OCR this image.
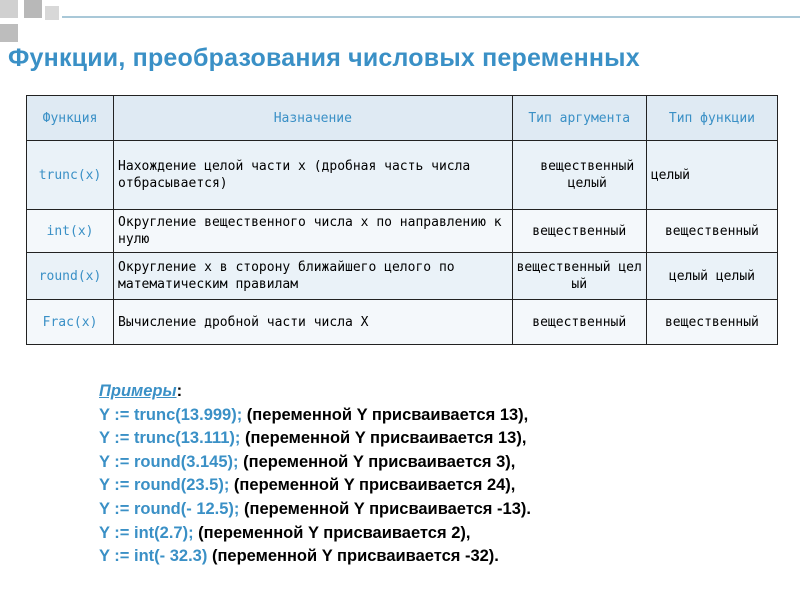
Функции, преобразования числовых переменных
Функция	Назначение	Тип аргумента	Тип функции
trunc(x)	Нахождение целой части х (дробная часть числа отбрасывается)	вещественный целый	целый
int(x)	Округление вещественного числа х по направлению к нулю	вещественный	вещественный
round(x)	Округление х в сторону ближайшего целого по математическим правилам	вещественный целый	целый целый
Frac(x)	Вычисление дробной части числа Х	вещественный	вещественный
Примеры:
Y := trunc(13.999); (переменной Y присваивается 13),
Y := trunc(13.111); (переменной Y присваивается 13),
Y := round(3.145); (переменной Y присваивается 3),
Y := round(23.5); (переменной Y присваивается 24),
Y := round(- 12.5); (переменной Y присваивается -13).
Y := int(2.7); (переменной Y присваивается 2),
Y := int(- 32.3) (переменной Y присваивается -32).
